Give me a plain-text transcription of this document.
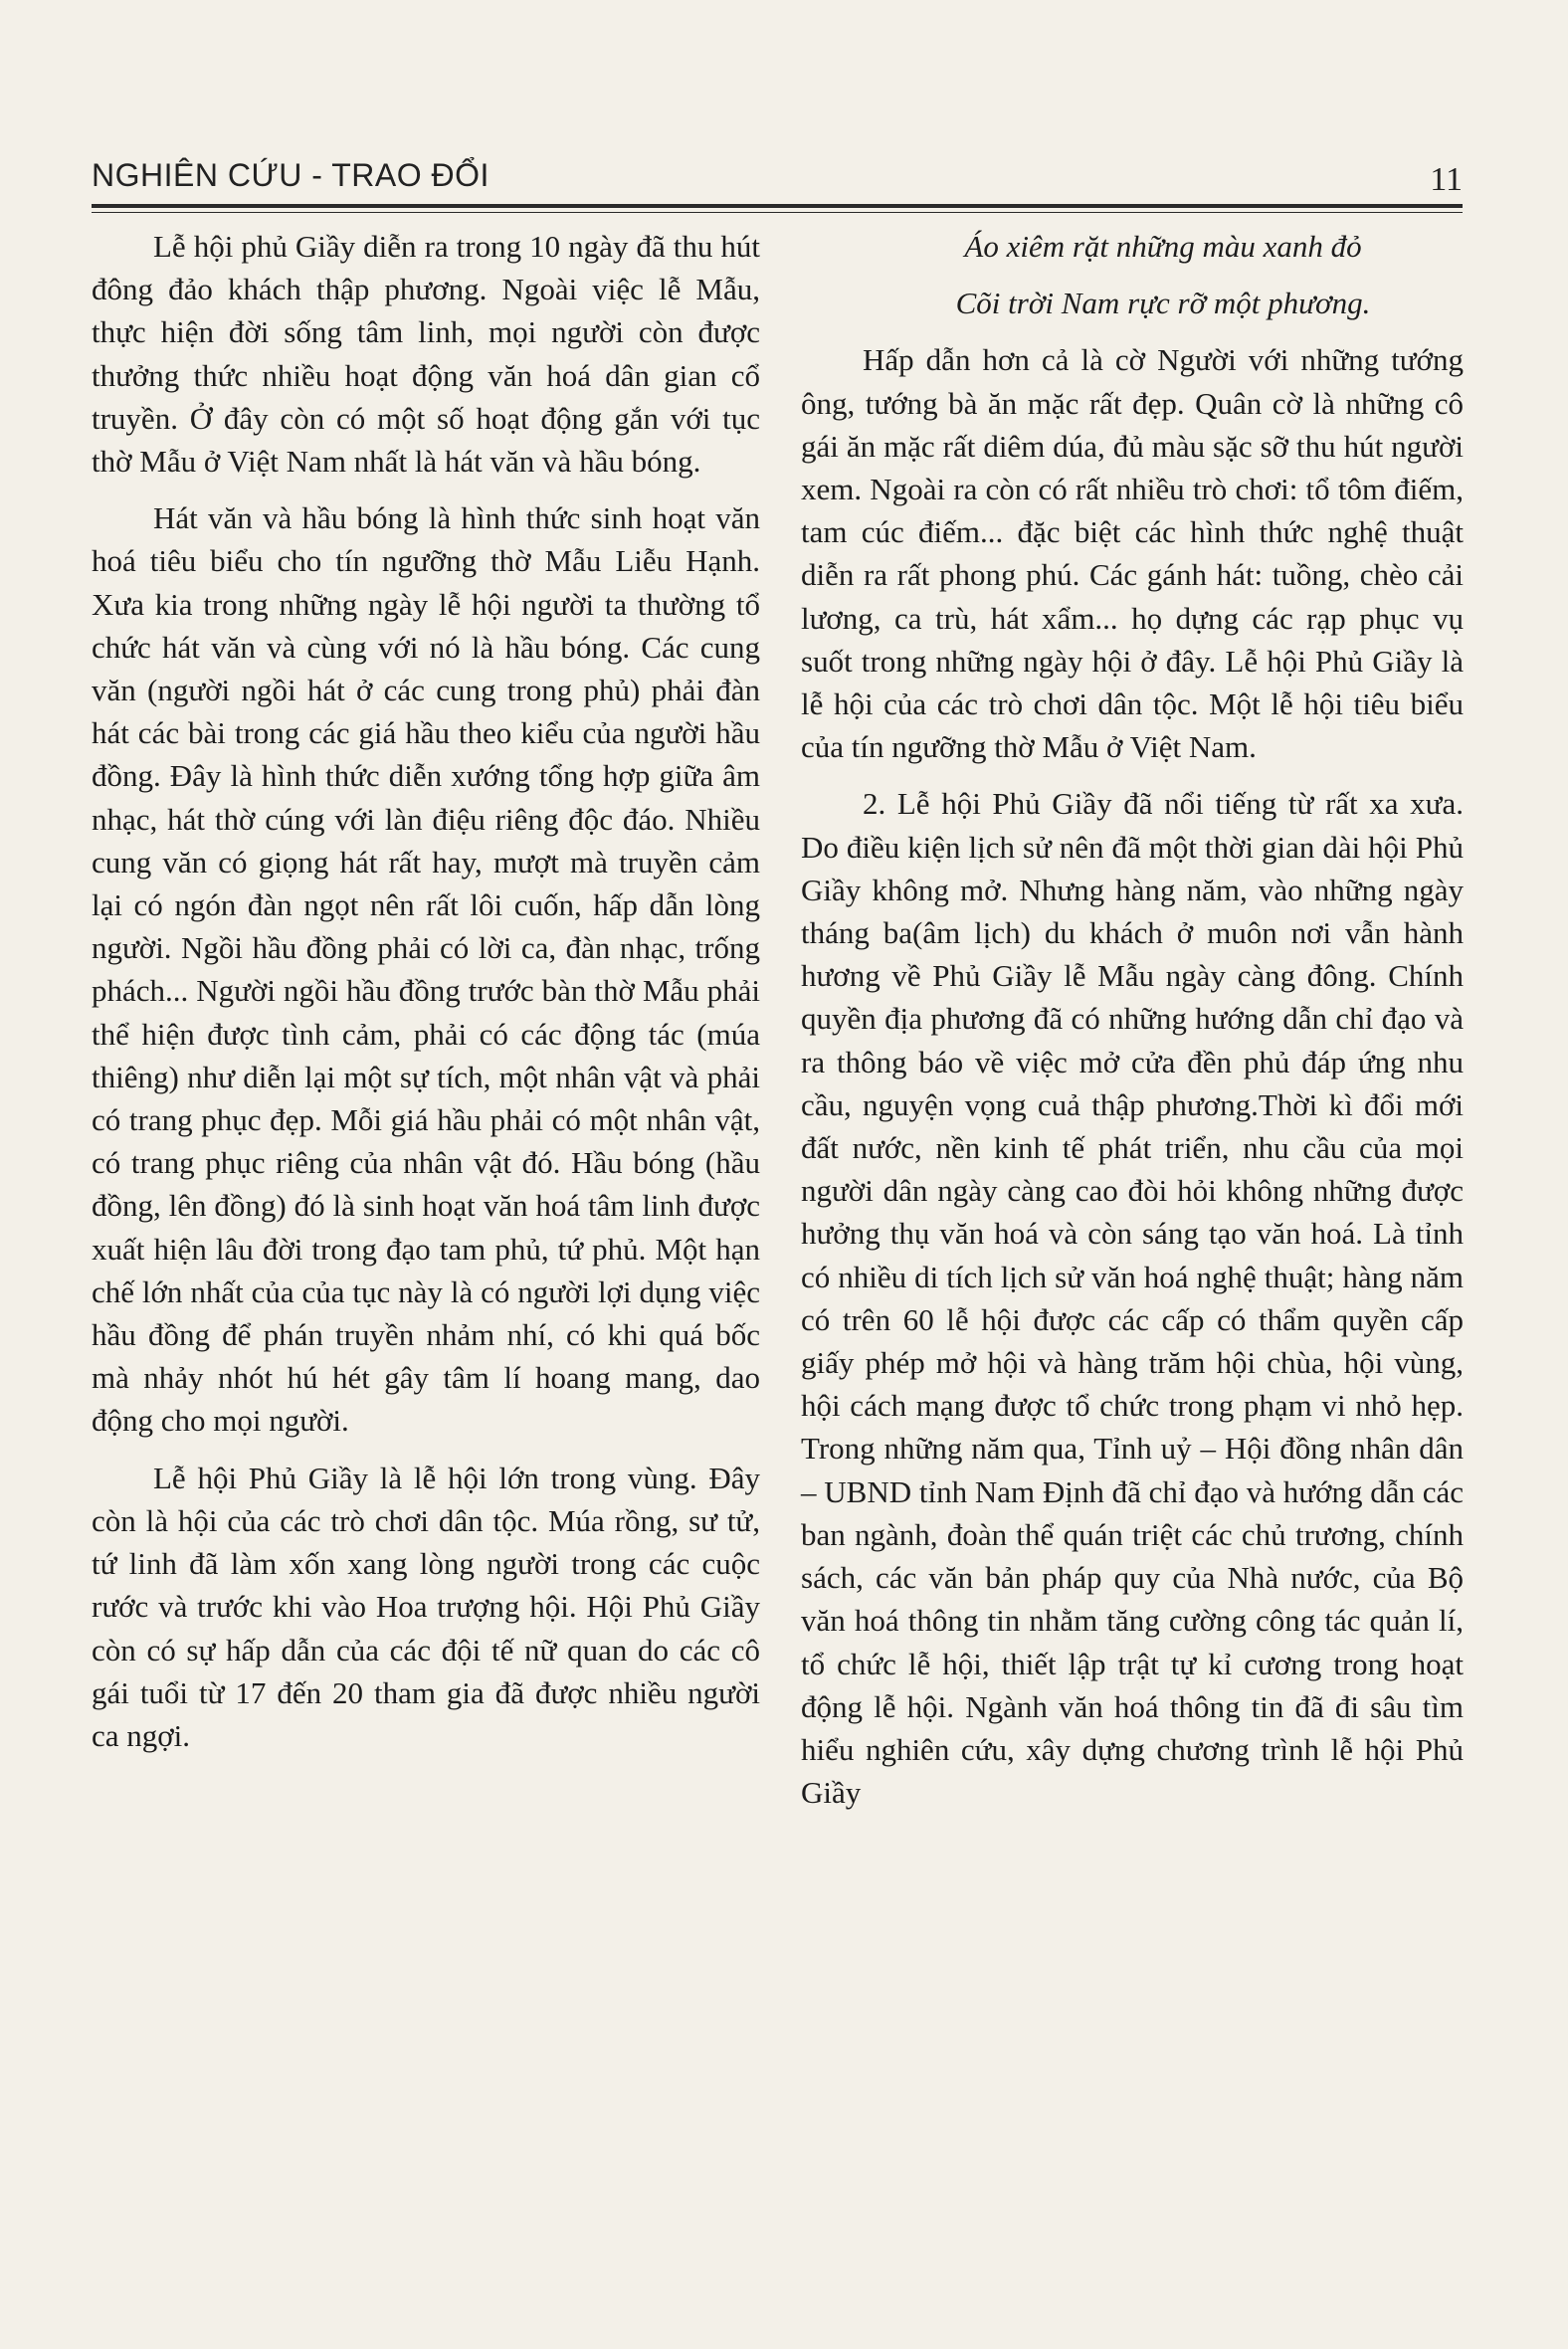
NGHIÊN CỨU - TRAO ĐỔI	11

Lễ hội phủ Giầy diễn ra trong 10 ngày đã thu hút đông đảo khách thập phương. Ngoài việc lễ Mẫu, thực hiện đời sống tâm linh, mọi người còn được thưởng thức nhiều hoạt động văn hoá dân gian cổ truyền. Ở đây còn có một số hoạt động gắn với tục thờ Mẫu ở Việt Nam nhất là hát văn và hầu bóng.

Hát văn và hầu bóng là hình thức sinh hoạt văn hoá tiêu biểu cho tín ngưỡng thờ Mẫu Liễu Hạnh. Xưa kia trong những ngày lễ hội người ta thường tổ chức hát văn và cùng với nó là hầu bóng. Các cung văn (người ngồi hát ở các cung trong phủ) phải đàn hát các bài trong các giá hầu theo kiểu của người hầu đồng. Đây là hình thức diễn xướng tổng hợp giữa âm nhạc, hát thờ cúng với làn điệu riêng độc đáo. Nhiều cung văn có giọng hát rất hay, mượt mà truyền cảm lại có ngón đàn ngọt nên rất lôi cuốn, hấp dẫn lòng người. Ngồi hầu đồng phải có lời ca, đàn nhạc, trống phách... Người ngồi hầu đồng trước bàn thờ Mẫu phải thể hiện được tình cảm, phải có các động tác (múa thiêng) như diễn lại một sự tích, một nhân vật và phải có trang phục đẹp. Mỗi giá hầu phải có một nhân vật, có trang phục riêng của nhân vật đó. Hầu bóng (hầu đồng, lên đồng) đó là sinh hoạt văn hoá tâm linh được xuất hiện lâu đời trong đạo tam phủ, tứ phủ. Một hạn chế lớn nhất của của tục này là có người lợi dụng việc hầu đồng để phán truyền nhảm nhí, có khi quá bốc mà nhảy nhót hú hét gây tâm lí hoang mang, dao động cho mọi người.

Lễ hội Phủ Giầy là lễ hội lớn trong vùng. Đây còn là hội của các trò chơi dân tộc. Múa rồng, sư tử, tứ linh đã làm xốn xang lòng người trong các cuộc rước và trước khi vào Hoa trượng hội. Hội Phủ Giầy còn có sự hấp dẫn của các đội tế nữ quan do các cô gái tuổi từ 17 đến 20 tham gia đã được nhiều người ca ngợi.

Áo xiêm rặt những màu xanh đỏ

Cõi trời Nam rực rỡ một phương.

Hấp dẫn hơn cả là cờ Người với những tướng ông, tướng bà ăn mặc rất đẹp. Quân cờ là những cô gái ăn mặc rất diêm dúa, đủ màu sặc sỡ thu hút người xem. Ngoài ra còn có rất nhiều trò chơi: tổ tôm điếm, tam cúc điếm... đặc biệt các hình thức nghệ thuật diễn ra rất phong phú. Các gánh hát: tuồng, chèo cải lương, ca trù, hát xẩm... họ dựng các rạp phục vụ suốt trong những ngày hội ở đây. Lễ hội Phủ Giầy là lễ hội của các trò chơi dân tộc. Một lễ hội tiêu biểu của tín ngưỡng thờ Mẫu ở Việt Nam.

2. Lễ hội Phủ Giầy đã nổi tiếng từ rất xa xưa. Do điều kiện lịch sử nên đã một thời gian dài hội Phủ Giầy không mở. Nhưng hàng năm, vào những ngày tháng ba(âm lịch) du khách ở muôn nơi vẫn hành hương về Phủ Giầy lễ Mẫu ngày càng đông. Chính quyền địa phương đã có những hướng dẫn chỉ đạo và ra thông báo về việc mở cửa đền phủ đáp ứng nhu cầu, nguyện vọng cuả thập phương.Thời kì đổi mới đất nước, nền kinh tế phát triển, nhu cầu của mọi người dân ngày càng cao đòi hỏi không những được hưởng thụ văn hoá và còn sáng tạo văn hoá. Là tỉnh có nhiều di tích lịch sử văn hoá nghệ thuật; hàng năm có trên 60 lễ hội được các cấp có thẩm quyền cấp giấy phép mở hội và hàng trăm hội chùa, hội vùng, hội cách mạng được tổ chức trong phạm vi nhỏ hẹp. Trong những năm qua, Tỉnh uỷ – Hội đồng nhân dân – UBND tỉnh Nam Định đã chỉ đạo và hướng dẫn các ban ngành, đoàn thể quán triệt các chủ trương, chính sách, các văn bản pháp quy của Nhà nước, của Bộ văn hoá thông tin nhằm tăng cường công tác quản lí, tổ chức lễ hội, thiết lập trật tự kỉ cương trong hoạt động lễ hội. Ngành văn hoá thông tin đã đi sâu tìm hiểu nghiên cứu, xây dựng chương trình lễ hội Phủ Giầy
